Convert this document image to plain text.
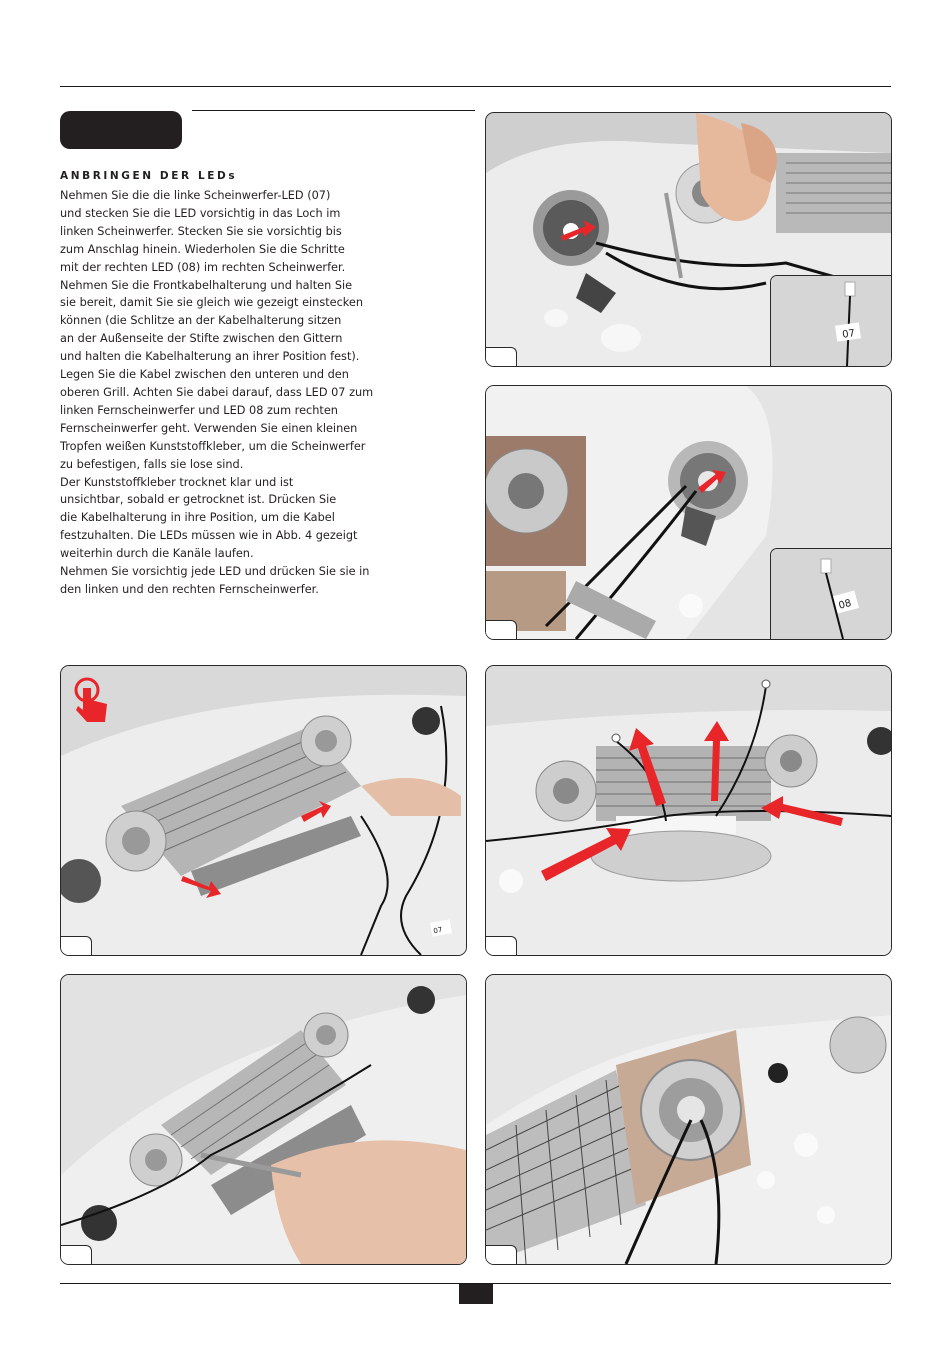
ANBRINGEN DER LEDs
Nehmen Sie die die linke Scheinwerfer-LED (07)
und stecken Sie die LED vorsichtig in das Loch im
linken Scheinwerfer. Stecken Sie sie vorsichtig bis
zum Anschlag hinein. Wiederholen Sie die Schritte
mit der rechten LED (08) im rechten Scheinwerfer.
Nehmen Sie die Frontkabelhalterung und halten Sie
sie bereit, damit Sie sie gleich wie gezeigt einstecken
können (die Schlitze an der Kabelhalterung sitzen
an der Außenseite der Stifte zwischen den Gittern
und halten die Kabelhalterung an ihrer Position fest).
Legen Sie die Kabel zwischen den unteren und den
oberen Grill. Achten Sie dabei darauf, dass LED 07 zum
linken Fernscheinwerfer und LED 08 zum rechten
Fernscheinwerfer geht. Verwenden Sie einen kleinen
Tropfen weißen Kunststoffkleber, um die Scheinwerfer
zu befestigen, falls sie lose sind.
Der Kunststoffkleber trocknet klar und ist
unsichtbar, sobald er getrocknet ist. Drücken Sie
die Kabelhalterung in ihre Position, um die Kabel
festzuhalten. Die LEDs müssen wie in Abb. 4 gezeigt
weiterhin durch die Kanäle laufen.
Nehmen Sie vorsichtig jede LED und drücken Sie sie in
den linken und den rechten Fernscheinwerfer.
07
08
07
